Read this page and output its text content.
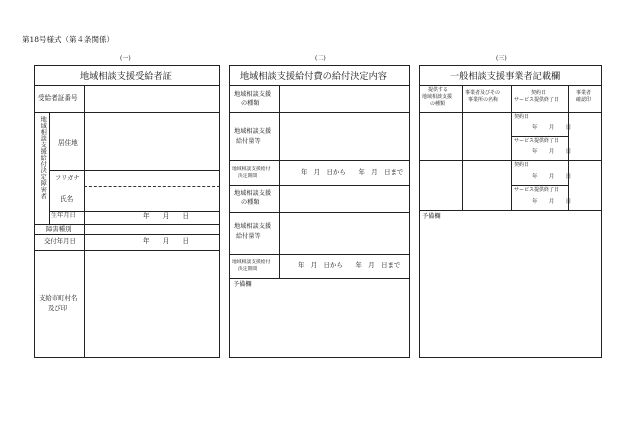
第18号様式（第４条関係）
(一)
地域相談支援受給者証
受給者証番号
地域相談支援給付決定障害者 居住地
フリガナ
氏名
生年月日	年　　月　　日
障害種別
交付年月日	年　　月　　日
支給市町村名
及び印
(二)
地域相談支援給付費の給付決定内容
地域相談支援
の種類
地域相談支援
給付量等
地域相談支援給付
決定期間
年　月　日から　　年　月　日まで
地域相談支援
の種類
地域相談支援
給付量等
地域相談支援給付
決定期間
年　月　日から　　年　月　日まで
予備欄
(三)
一般相談支援事業者記載欄
提供する
地域相談支援
の種類
事業者及びその
事業所の名称
契約日
サービス提供終了日
事業者
確認印
契約日
年　　月　　日
サービス提供終了日
年　　月　　日
契約日
年　　月　　日
サービス提供終了日
年　　月　　日
予備欄
